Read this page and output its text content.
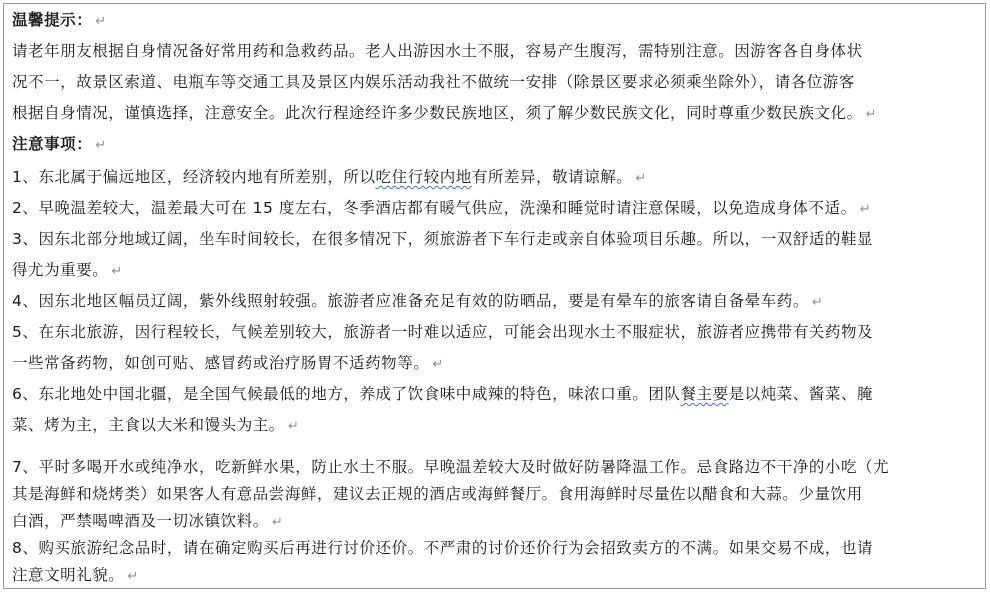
温馨提示： ↵
请老年朋友根据自身情况备好常用药和急救药品。老人出游因水土不服，容易产生腹泻，需特别注意。因游客各自身体状
况不一，故景区索道、电瓶车等交通工具及景区内娱乐活动我社不做统一安排（除景区要求必须乘坐除外），请各位游客
根据自身情况，谨慎选择，注意安全。此次行程途经许多少数民族地区，须了解少数民族文化，同时尊重少数民族文化。 ↵
注意事项： ↵
1、东北属于偏远地区，经济较内地有所差别，所以吃住行较内地有所差异，敬请谅解。 ↵
2、早晚温差较大，温差最大可在 15 度左右，冬季酒店都有暖气供应，洗澡和睡觉时请注意保暖，以免造成身体不适。 ↵
3、因东北部分地域辽阔，坐车时间较长，在很多情况下，须旅游者下车行走或亲自体验项目乐趣。所以，一双舒适的鞋显
得尤为重要。 ↵
4、因东北地区幅员辽阔，紫外线照射较强。旅游者应准备充足有效的防晒品，要是有晕车的旅客请自备晕车药。 ↵
5、在东北旅游，因行程较长，气候差别较大，旅游者一时难以适应，可能会出现水土不服症状，旅游者应携带有关药物及
一些常备药物，如创可贴、感冒药或治疗肠胃不适药物等。 ↵
6、东北地处中国北疆，是全国气候最低的地方，养成了饮食味中咸辣的特色，味浓口重。团队餐主要是以炖菜、酱菜、腌
菜、烤为主，主食以大米和馒头为主。 ↵
7、平时多喝开水或纯净水，吃新鲜水果，防止水土不服。早晚温差较大及时做好防暑降温工作。忌食路边不干净的小吃（尤
其是海鲜和烧烤类）如果客人有意品尝海鲜，建议去正规的酒店或海鲜餐厅。食用海鲜时尽量佐以醋食和大蒜。少量饮用
白酒，严禁喝啤酒及一切冰镇饮料。 ↵
8、购买旅游纪念品时，请在确定购买后再进行讨价还价。不严肃的讨价还价行为会招致卖方的不满。如果交易不成，也请
注意文明礼貌。 ↵
